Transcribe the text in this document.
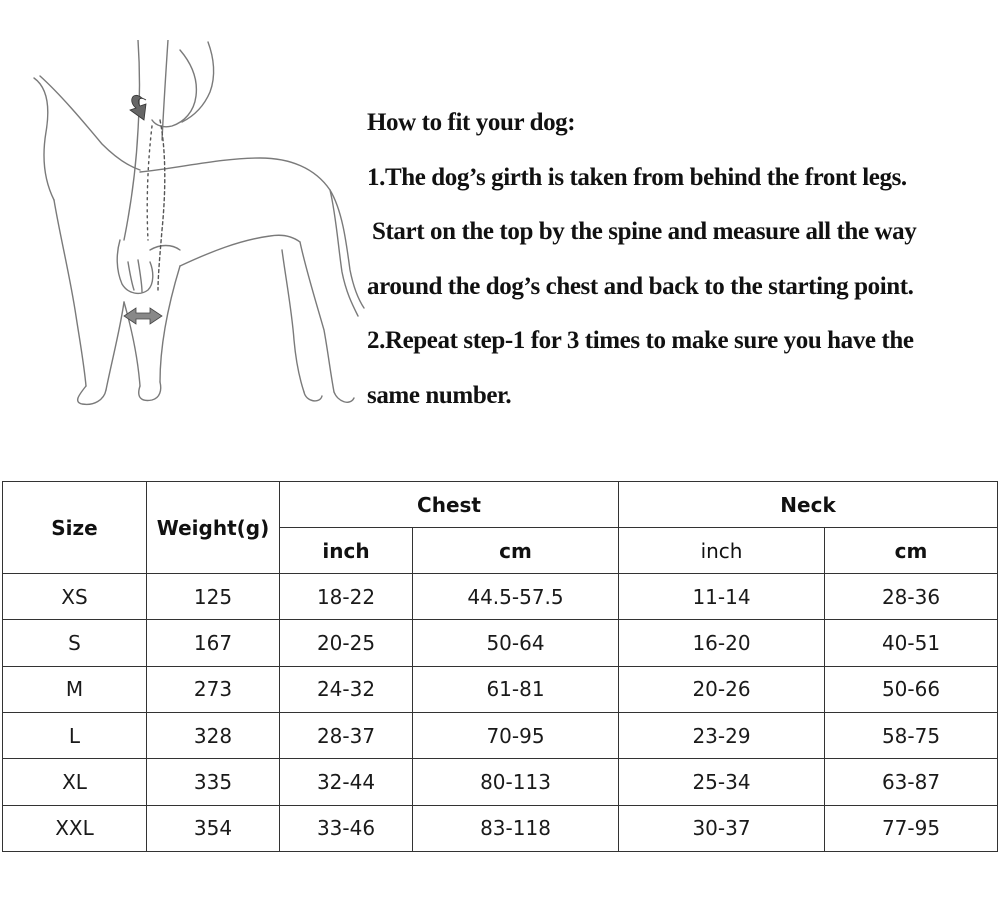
How to fit your dog:
1.The dog’s girth is taken from behind the front legs.
Start on the top by the spine and measure all the way
around the dog’s chest and back to the starting point.
2.Repeat step-1 for 3 times to make sure you have the
same number.
Size	Weight(g)	Chest		Neck	
		inch	cm	inch	cm
XS	125	18-22	44.5-57.5	11-14	28-36
S	167	20-25	50-64	16-20	40-51
M	273	24-32	61-81	20-26	50-66
L	328	28-37	70-95	23-29	58-75
XL	335	32-44	80-113	25-34	63-87
XXL	354	33-46	83-118	30-37	77-95
